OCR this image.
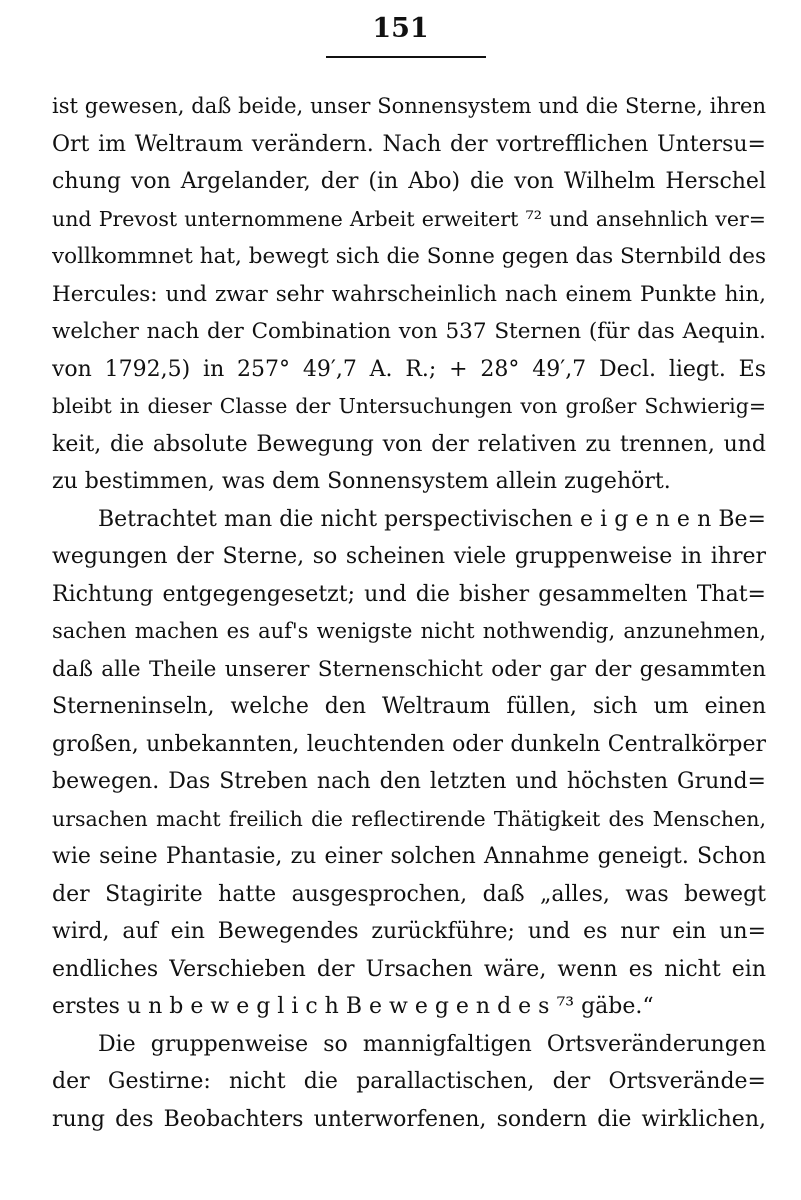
151
ist gewesen, daß beide, unser Sonnensystem und die Sterne, ihren
Ort im Weltraum verändern. Nach der vortrefflichen Untersu=
chung von Argelander, der (in Abo) die von Wilhelm Herschel
und Prevost unternommene Arbeit erweitert ⁷² und ansehnlich ver=
vollkommnet hat, bewegt sich die Sonne gegen das Sternbild des
Hercules: und zwar sehr wahrscheinlich nach einem Punkte hin,
welcher nach der Combination von 537 Sternen (für das Aequin.
von 1792,5) in 257° 49′,7 A. R.; + 28° 49′,7 Decl. liegt. Es
bleibt in dieser Classe der Untersuchungen von großer Schwierig=
keit, die absolute Bewegung von der relativen zu trennen, und
zu bestimmen, was dem Sonnensystem allein zugehört.
Betrachtet man die nicht perspectivischen e i g e n e n Be=
wegungen der Sterne, so scheinen viele gruppenweise in ihrer
Richtung entgegengesetzt; und die bisher gesammelten That=
sachen machen es auf's wenigste nicht nothwendig, anzunehmen,
daß alle Theile unserer Sternenschicht oder gar der gesammten
Sterneninseln, welche den Weltraum füllen, sich um einen
großen, unbekannten, leuchtenden oder dunkeln Centralkörper
bewegen. Das Streben nach den letzten und höchsten Grund=
ursachen macht freilich die reflectirende Thätigkeit des Menschen,
wie seine Phantasie, zu einer solchen Annahme geneigt. Schon
der Stagirite hatte ausgesprochen, daß „alles, was bewegt
wird, auf ein Bewegendes zurückführe; und es nur ein un=
endliches Verschieben der Ursachen wäre, wenn es nicht ein
erstes u n b e w e g l i c h B e w e g e n d e s ⁷³ gäbe.“
Die gruppenweise so mannigfaltigen Ortsveränderungen
der Gestirne: nicht die parallactischen, der Ortsverände=
rung des Beobachters unterworfenen, sondern die wirklichen,
